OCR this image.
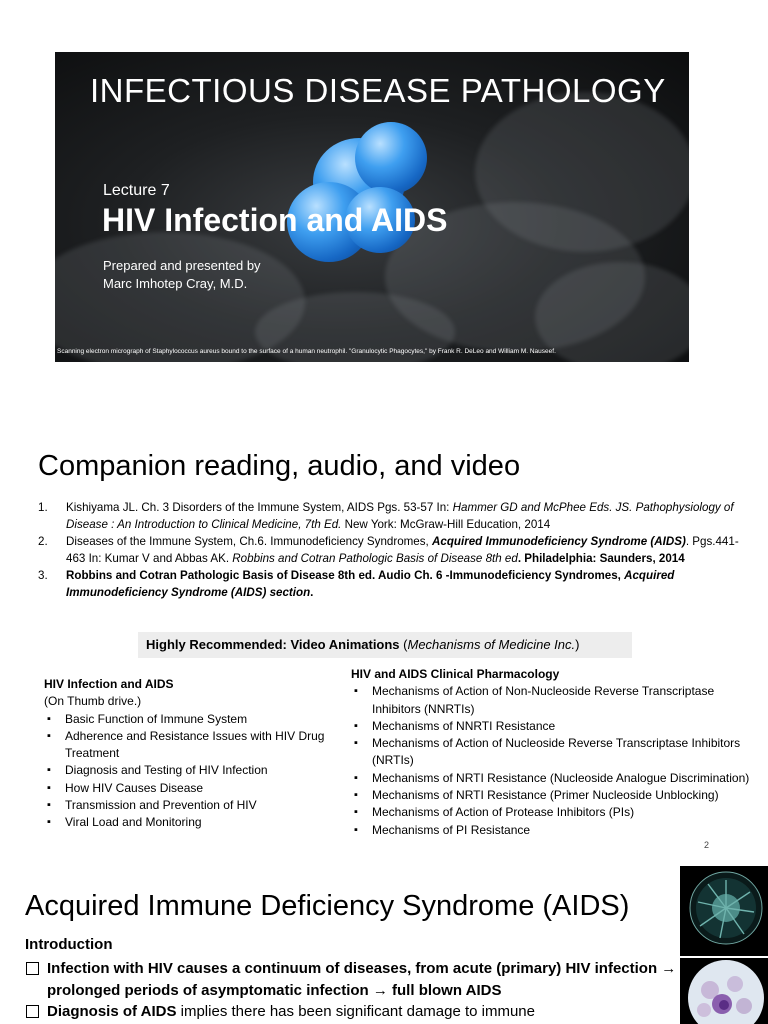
INFECTIOUS DISEASE PATHOLOGY
Lecture 7
HIV Infection and AIDS
Prepared and presented by
Marc Imhotep Cray, M.D.
Scanning electron micrograph of Staphylococcus aureus bound to the surface of a human neutrophil. "Granulocytic Phagocytes," by Frank R. DeLeo and William M. Nauseef.
Companion reading, audio, and video
1. Kishiyama JL. Ch. 3 Disorders of the Immune System, AIDS Pgs. 53-57 In: Hammer GD and McPhee Eds. JS. Pathophysiology of Disease : An Introduction to Clinical Medicine, 7th Ed. New York: McGraw-Hill Education, 2014
2. Diseases of the Immune System, Ch.6. Immunodeficiency Syndromes, Acquired Immunodeficiency Syndrome (AIDS). Pgs.441-463 In: Kumar V and Abbas AK. Robbins and Cotran Pathologic Basis of Disease 8th ed. Philadelphia: Saunders, 2014
3. Robbins and Cotran Pathologic Basis of Disease 8th ed. Audio Ch. 6 -Immunodeficiency Syndromes, Acquired Immunodeficiency Syndrome (AIDS) section.
Highly Recommended: Video Animations (Mechanisms of Medicine Inc.)
HIV Infection and AIDS
(On Thumb drive.)
▪ Basic Function of Immune System
▪ Adherence and Resistance Issues with HIV Drug Treatment
▪ Diagnosis and Testing of HIV Infection
▪ How HIV Causes Disease
▪ Transmission and Prevention of HIV
▪ Viral Load and Monitoring
HIV and AIDS Clinical Pharmacology
▪ Mechanisms of Action of Non-Nucleoside Reverse Transcriptase Inhibitors (NNRTIs)
▪ Mechanisms of NNRTI Resistance
▪ Mechanisms of Action of Nucleoside Reverse Transcriptase Inhibitors (NRTIs)
▪ Mechanisms of NRTI Resistance (Nucleoside Analogue Discrimination)
▪ Mechanisms of NRTI Resistance (Primer Nucleoside Unblocking)
▪ Mechanisms of Action of Protease Inhibitors (PIs)
▪ Mechanisms of PI Resistance
2
Acquired Immune Deficiency Syndrome (AIDS)
Introduction
Infection with HIV causes a continuum of diseases, from acute (primary) HIV infection → prolonged periods of asymptomatic infection → full blown AIDS
Diagnosis of AIDS implies there has been significant damage to immune
